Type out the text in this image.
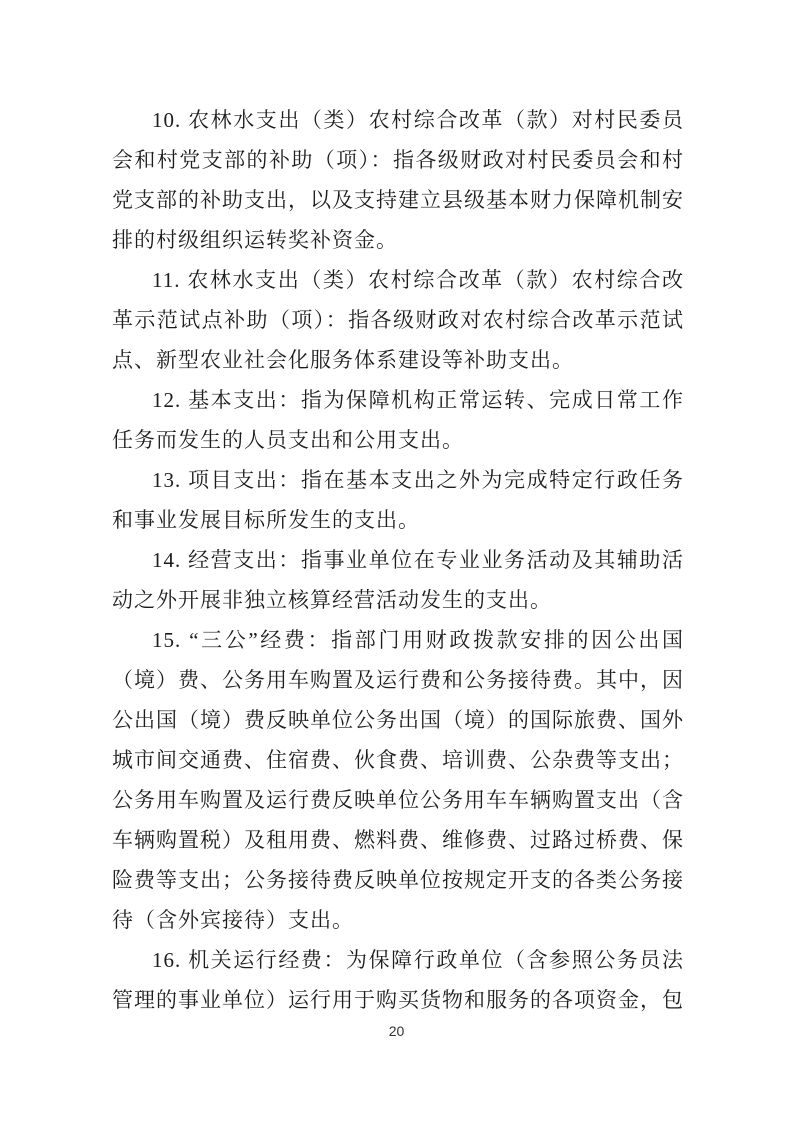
10. 农林水支出（类）农村综合改革（款）对村民委员会和村党支部的补助（项）：指各级财政对村民委员会和村党支部的补助支出，以及支持建立县级基本财力保障机制安排的村级组织运转奖补资金。

11. 农林水支出（类）农村综合改革（款）农村综合改革示范试点补助（项）：指各级财政对农村综合改革示范试点、新型农业社会化服务体系建设等补助支出。

12. 基本支出：指为保障机构正常运转、完成日常工作任务而发生的人员支出和公用支出。

13. 项目支出：指在基本支出之外为完成特定行政任务和事业发展目标所发生的支出。

14. 经营支出：指事业单位在专业业务活动及其辅助活动之外开展非独立核算经营活动发生的支出。

15. “三公”经费：指部门用财政拨款安排的因公出国（境）费、公务用车购置及运行费和公务接待费。其中，因公出国（境）费反映单位公务出国（境）的国际旅费、国外城市间交通费、住宿费、伙食费、培训费、公杂费等支出；公务用车购置及运行费反映单位公务用车车辆购置支出（含车辆购置税）及租用费、燃料费、维修费、过路过桥费、保险费等支出；公务接待费反映单位按规定开支的各类公务接待（含外宾接待）支出。

16. 机关运行经费：为保障行政单位（含参照公务员法管理的事业单位）运行用于购买货物和服务的各项资金，包

20
